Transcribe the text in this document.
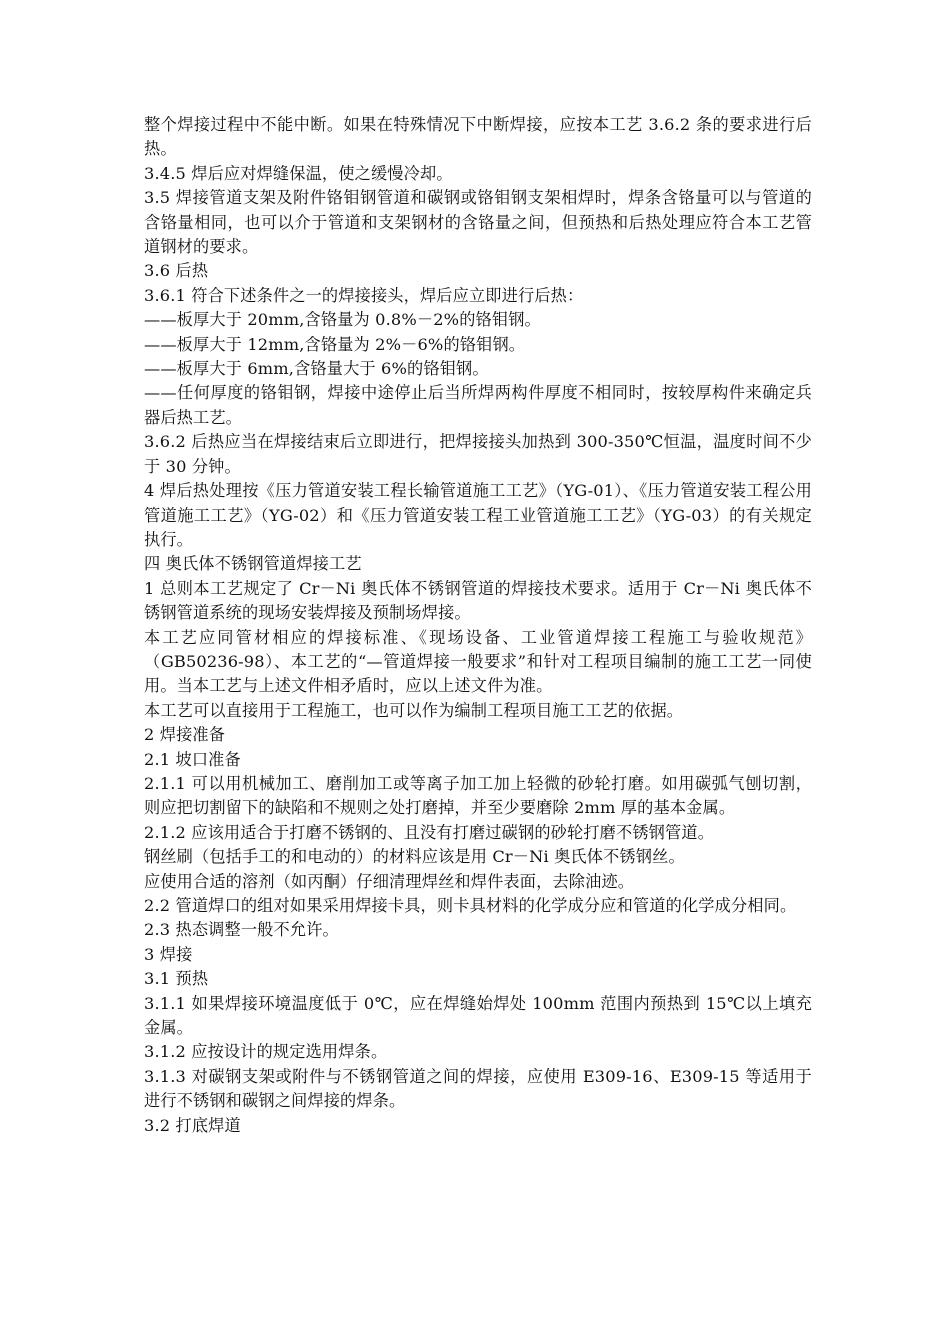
整个焊接过程中不能中断。如果在特殊情况下中断焊接，应按本工艺 3.6.2 条的要求进行后热。

3.4.5 焊后应对焊缝保温，使之缓慢冷却。

3.5 焊接管道支架及附件铬钼钢管道和碳钢或铬钼钢支架相焊时，焊条含铬量可以与管道的含铬量相同，也可以介于管道和支架钢材的含铬量之间，但预热和后热处理应符合本工艺管道钢材的要求。

3.6 后热

3.6.1 符合下述条件之一的焊接接头，焊后应立即进行后热：

——板厚大于 20mm,含铬量为 0.8%－2%的铬钼钢。

——板厚大于 12mm,含铬量为 2%－6%的铬钼钢。

——板厚大于 6mm,含铬量大于 6%的铬钼钢。

——任何厚度的铬钼钢，焊接中途停止后当所焊两构件厚度不相同时，按较厚构件来确定兵器后热工艺。

3.6.2 后热应当在焊接结束后立即进行，把焊接接头加热到 300-350℃恒温，温度时间不少于 30 分钟。

4 焊后热处理按《压力管道安装工程长输管道施工工艺》（YG-01）、《压力管道安装工程公用管道施工工艺》（YG-02）和《压力管道安装工程工业管道施工工艺》（YG-03）的有关规定执行。

四 奥氏体不锈钢管道焊接工艺

1 总则本工艺规定了 Cr－Ni 奥氏体不锈钢管道的焊接技术要求。适用于 Cr－Ni 奥氏体不锈钢管道系统的现场安装焊接及预制场焊接。

本工艺应同管材相应的焊接标准、《现场设备、工业管道焊接工程施工与验收规范》（GB50236-98）、本工艺的“—管道焊接一般要求”和针对工程项目编制的施工工艺一同使用。当本工艺与上述文件相矛盾时，应以上述文件为准。

本工艺可以直接用于工程施工，也可以作为编制工程项目施工工艺的依据。

2 焊接准备

2.1 坡口准备

2.1.1 可以用机械加工、磨削加工或等离子加工加上轻微的砂轮打磨。如用碳弧气刨切割，则应把切割留下的缺陷和不规则之处打磨掉，并至少要磨除 2mm 厚的基本金属。

2.1.2 应该用适合于打磨不锈钢的、且没有打磨过碳钢的砂轮打磨不锈钢管道。

钢丝刷（包括手工的和电动的）的材料应该是用 Cr－Ni 奥氏体不锈钢丝。

应使用合适的溶剂（如丙酮）仔细清理焊丝和焊件表面，去除油迹。

2.2 管道焊口的组对如果采用焊接卡具，则卡具材料的化学成分应和管道的化学成分相同。

2.3 热态调整一般不允许。

3 焊接

3.1 预热

3.1.1 如果焊接环境温度低于 0℃，应在焊缝始焊处 100mm 范围内预热到 15℃以上填充金属。

3.1.2 应按设计的规定选用焊条。

3.1.3 对碳钢支架或附件与不锈钢管道之间的焊接，应使用 E309-16、E309-15 等适用于进行不锈钢和碳钢之间焊接的焊条。

3.2 打底焊道
